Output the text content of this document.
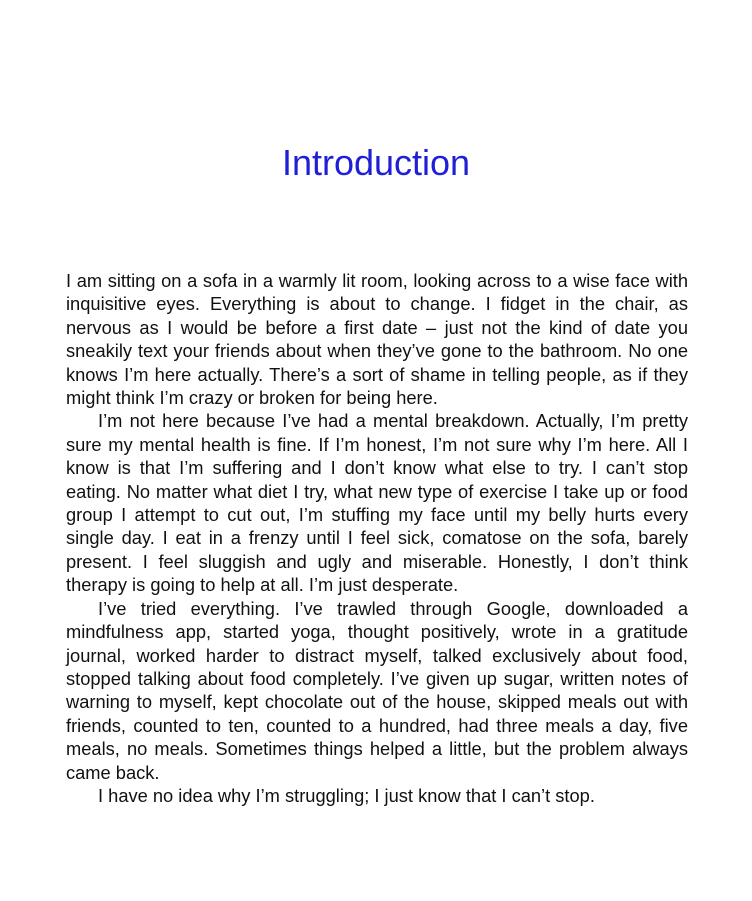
Introduction

I am sitting on a sofa in a warmly lit room, looking across to a wise face with inquisitive eyes. Everything is about to change. I fidget in the chair, as nervous as I would be before a first date – just not the kind of date you sneakily text your friends about when they’ve gone to the bathroom. No one knows I’m here actually. There’s a sort of shame in telling people, as if they might think I’m crazy or broken for being here.

I’m not here because I’ve had a mental breakdown. Actually, I’m pretty sure my mental health is fine. If I’m honest, I’m not sure why I’m here. All I know is that I’m suffering and I don’t know what else to try. I can’t stop eating. No matter what diet I try, what new type of exercise I take up or food group I attempt to cut out, I’m stuffing my face until my belly hurts every single day. I eat in a frenzy until I feel sick, comatose on the sofa, barely present. I feel sluggish and ugly and miserable. Honestly, I don’t think therapy is going to help at all. I’m just desperate.

I’ve tried everything. I’ve trawled through Google, downloaded a mindfulness app, started yoga, thought positively, wrote in a gratitude journal, worked harder to distract myself, talked exclusively about food, stopped talking about food completely. I’ve given up sugar, written notes of warning to myself, kept chocolate out of the house, skipped meals out with friends, counted to ten, counted to a hundred, had three meals a day, five meals, no meals. Sometimes things helped a little, but the problem always came back.

I have no idea why I’m struggling; I just know that I can’t stop.
